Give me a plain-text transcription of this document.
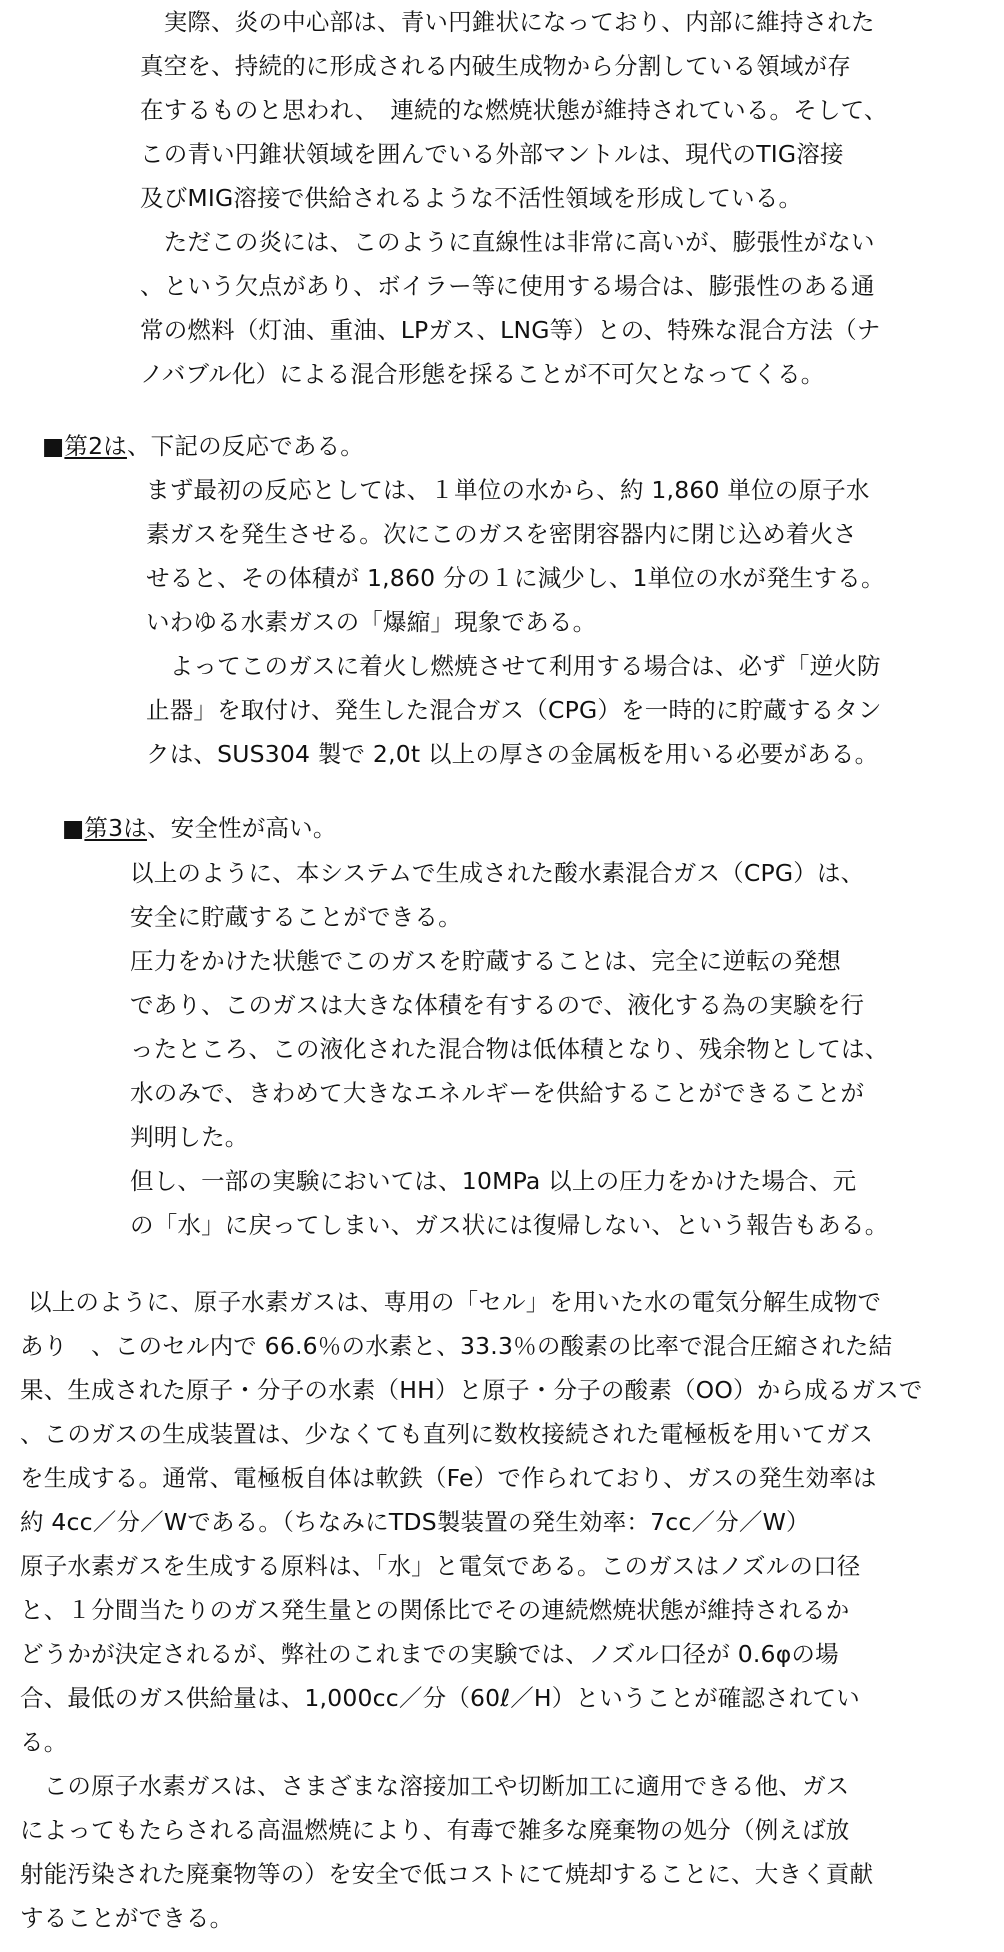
　実際、炎の中心部は、青い円錐状になっており、内部に維持された
真空を、持続的に形成される内破生成物から分割している領域が存
在するものと思われ、　連続的な燃焼状態が維持されている。そして、
この青い円錐状領域を囲んでいる外部マントルは、現代のTIG溶接
及びMIG溶接で供給されるような不活性領域を形成している。
　ただこの炎には、このように直線性は非常に高いが、膨張性がない
、という欠点があり、ボイラー等に使用する場合は、膨張性のある通
常の燃料（灯油、重油、LPガス、LNG等）との、特殊な混合方法（ナ
ノバブル化）による混合形態を採ることが不可欠となってくる。
■第2は、下記の反応である。
まず最初の反応としては、１単位の水から、約 1,860 単位の原子水
素ガスを発生させる。次にこのガスを密閉容器内に閉じ込め着火さ
せると、その体積が 1,860 分の１に減少し、1単位の水が発生する。
いわゆる水素ガスの「爆縮」現象である。
　よってこのガスに着火し燃焼させて利用する場合は、必ず「逆火防
止器」を取付け、発生した混合ガス（CPG）を一時的に貯蔵するタン
クは、SUS304 製で 2,0t 以上の厚さの金属板を用いる必要がある。
■第3は、安全性が高い。
以上のように、本システムで生成された酸水素混合ガス（CPG）は、
安全に貯蔵することができる。
圧力をかけた状態でこのガスを貯蔵することは、完全に逆転の発想
であり、このガスは大きな体積を有するので、液化する為の実験を行
ったところ、この液化された混合物は低体積となり、残余物としては、
水のみで、きわめて大きなエネルギーを供給することができることが
判明した。
但し、一部の実験においては、10MPa 以上の圧力をかけた場合、元
の「水」に戻ってしまい、ガス状には復帰しない、という報告もある。
以上のように、原子水素ガスは、専用の「セル」を用いた水の電気分解生成物で
あり　、このセル内で 66.6％の水素と、33.3％の酸素の比率で混合圧縮された結
果、生成された原子・分子の水素（HH）と原子・分子の酸素（OO）から成るガスで
、このガスの生成装置は、少なくても直列に数枚接続された電極板を用いてガス
を生成する。通常、電極板自体は軟鉄（Fe）で作られており、ガスの発生効率は
約 4cc／分／Wである。（ちなみにTDS製装置の発生効率：7cc／分／W）
原子水素ガスを生成する原料は、「水」と電気である。このガスはノズルの口径
と、１分間当たりのガス発生量との関係比でその連続燃焼状態が維持されるか
どうかが決定されるが、弊社のこれまでの実験では、ノズル口径が 0.6φの場
合、最低のガス供給量は、1,000cc／分（60ℓ／H）ということが確認されてい
る。
　この原子水素ガスは、さまざまな溶接加工や切断加工に適用できる他、ガス
によってもたらされる高温燃焼により、有毒で雑多な廃棄物の処分（例えば放
射能汚染された廃棄物等の）を安全で低コストにて焼却することに、大きく貢献
することができる。
